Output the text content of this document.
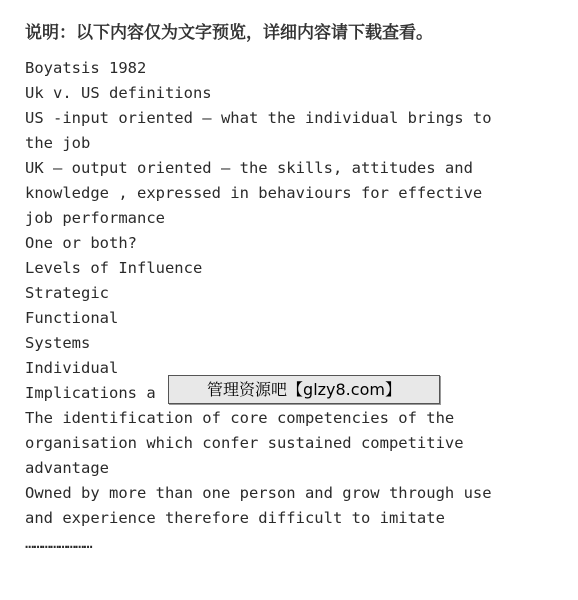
说明：以下内容仅为文字预览，详细内容请下载查看。
Boyatsis 1982
Uk v. US definitions
US -input oriented – what the individual brings to
the job
UK – output oriented – the skills, attitudes and
knowledge , expressed in behaviours for effective
job performance
One or both?
Levels of Influence
Strategic
Functional
Systems
Individual
Implications a
The identification of core competencies of the
organisation which confer sustained competitive
advantage
Owned by more than one person and grow through use
and experience therefore difficult to imitate
……………………
管理资源吧【glzy8.com】
